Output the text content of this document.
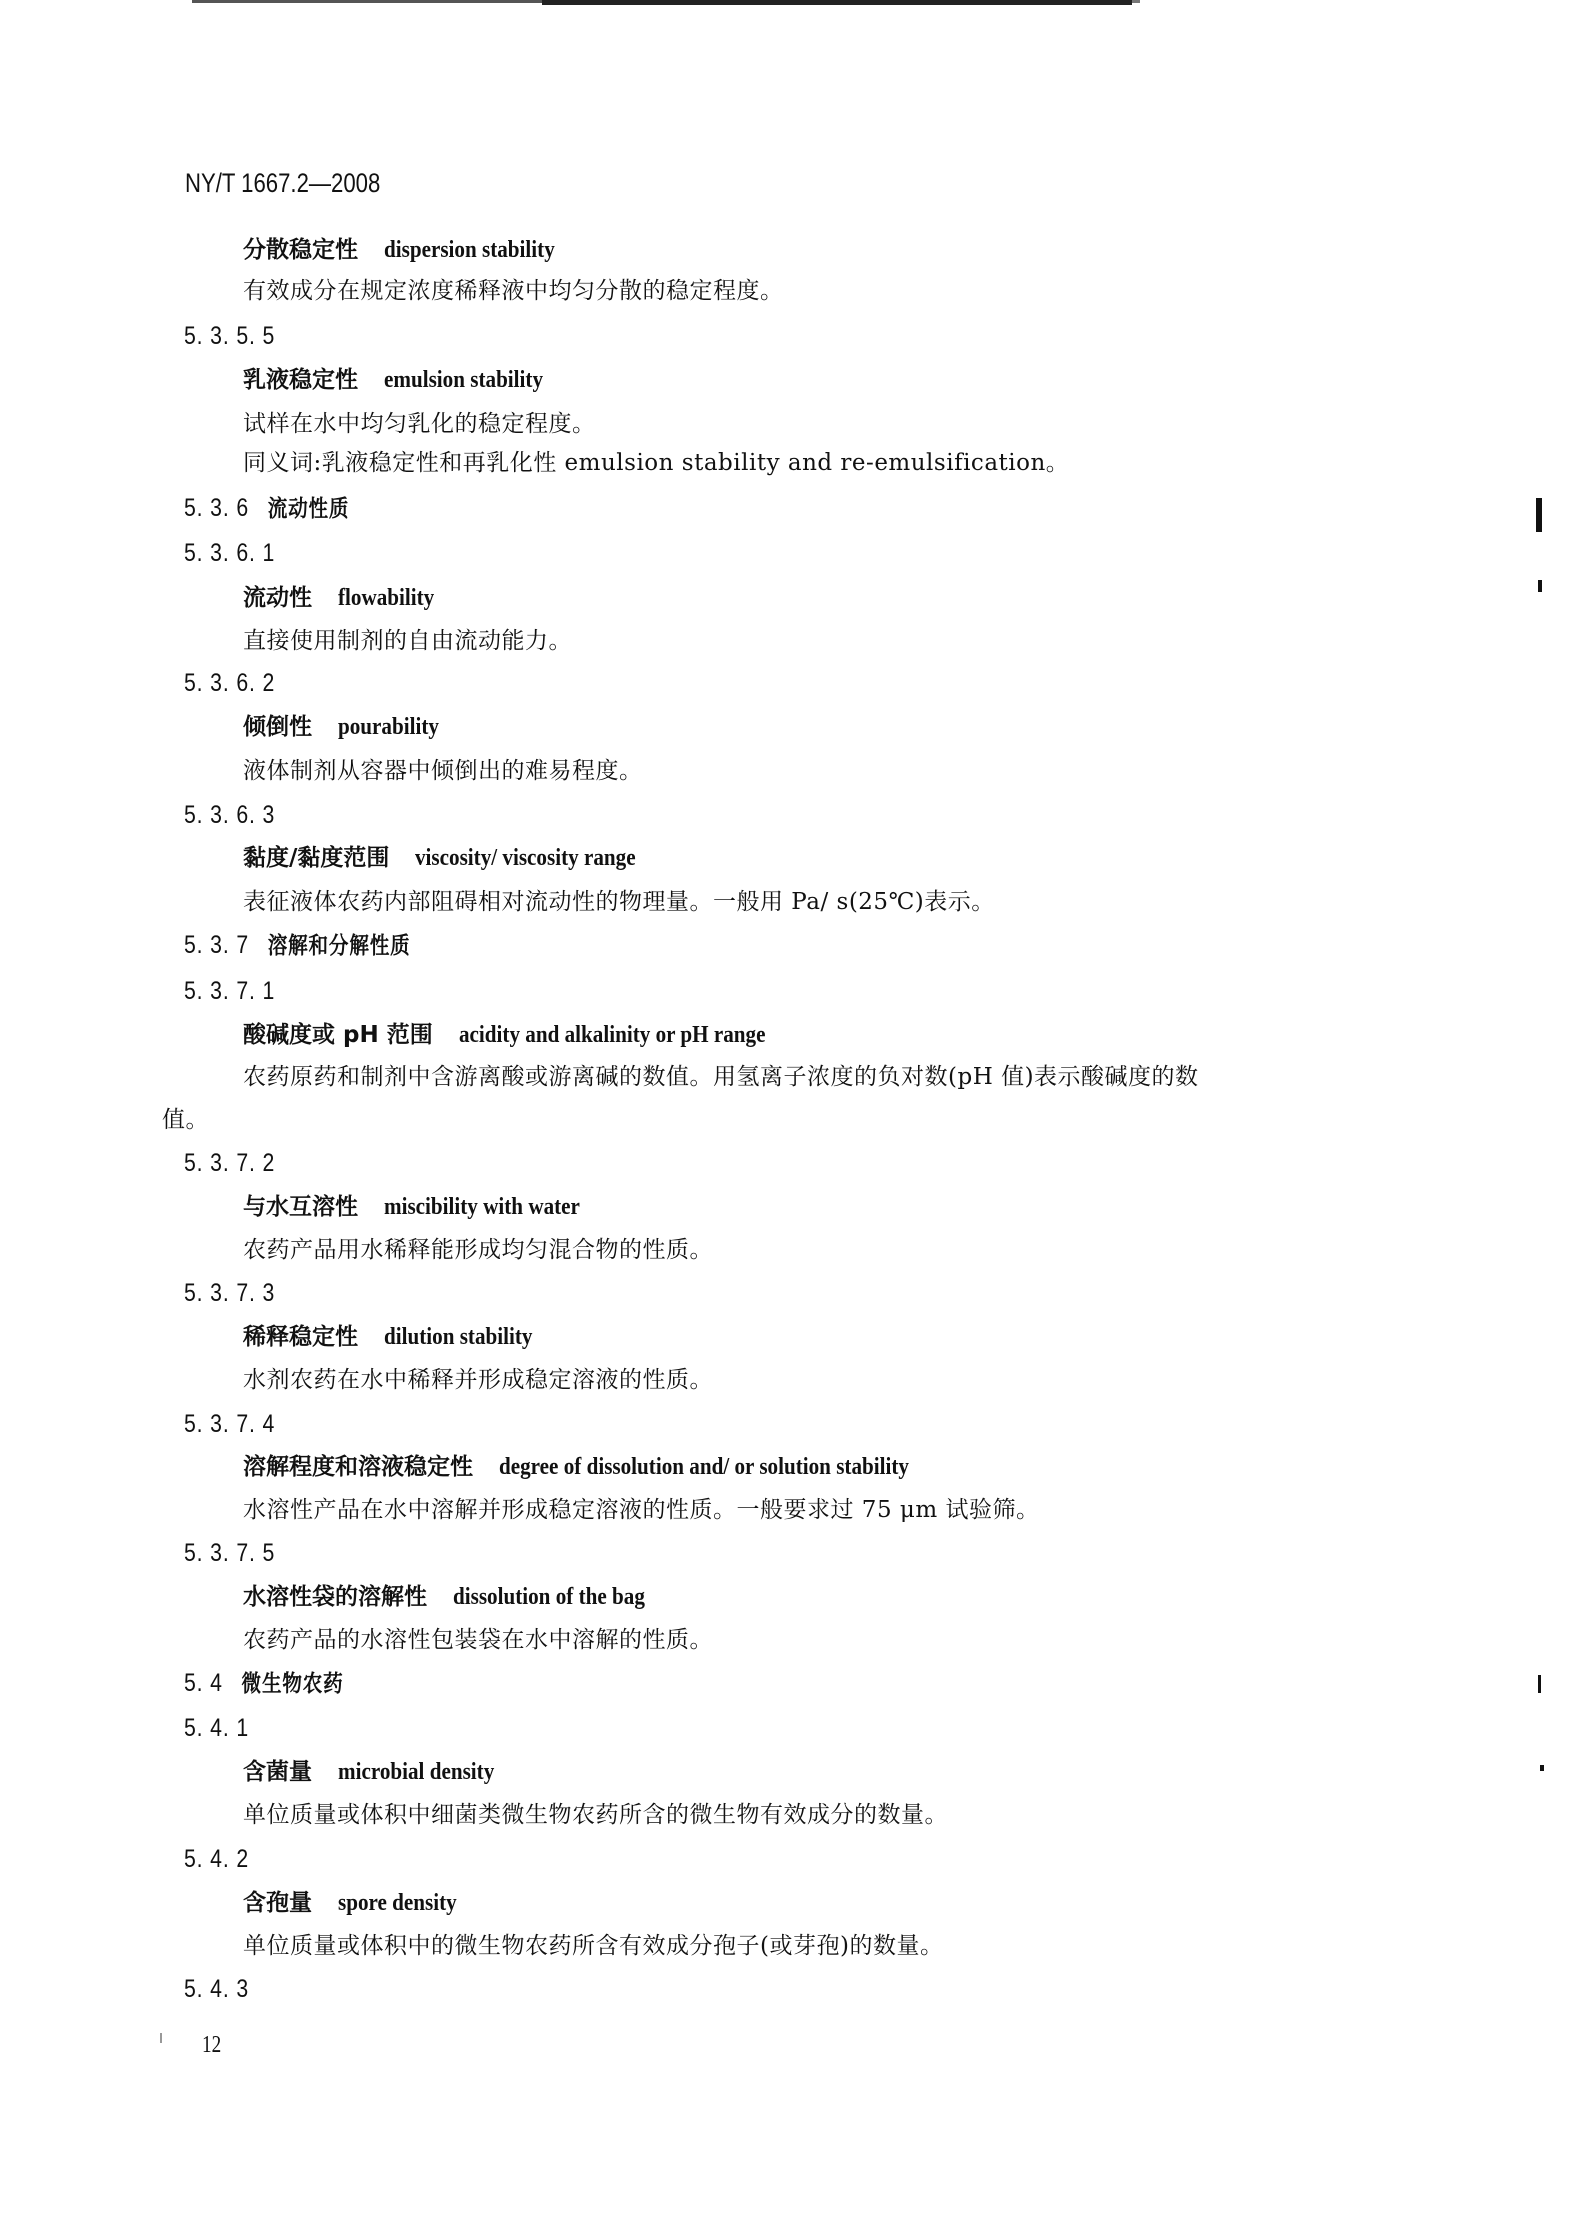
NY/T 1667.2—2008
分散稳定性 dispersion stability
有效成分在规定浓度稀释液中均匀分散的稳定程度。
5. 3. 5. 5
乳液稳定性 emulsion stability
试样在水中均匀乳化的稳定程度。
同义词:乳液稳定性和再乳化性 emulsion stability and re-emulsification。
5. 3. 6 流动性质
5. 3. 6. 1
流动性 flowability
直接使用制剂的自由流动能力。
5. 3. 6. 2
倾倒性 pourability
液体制剂从容器中倾倒出的难易程度。
5. 3. 6. 3
黏度/黏度范围 viscosity/ viscosity range
表征液体农药内部阻碍相对流动性的物理量。一般用 Pa/ s(25℃)表示。
5. 3. 7 溶解和分解性质
5. 3. 7. 1
酸碱度或 pH 范围 acidity and alkalinity or pH range
农药原药和制剂中含游离酸或游离碱的数值。用氢离子浓度的负对数(pH 值)表示酸碱度的数
值。
5. 3. 7. 2
与水互溶性 miscibility with water
农药产品用水稀释能形成均匀混合物的性质。
5. 3. 7. 3
稀释稳定性 dilution stability
水剂农药在水中稀释并形成稳定溶液的性质。
5. 3. 7. 4
溶解程度和溶液稳定性 degree of dissolution and/ or solution stability
水溶性产品在水中溶解并形成稳定溶液的性质。一般要求过 75 μm 试验筛。
5. 3. 7. 5
水溶性袋的溶解性 dissolution of the bag
农药产品的水溶性包装袋在水中溶解的性质。
5. 4 微生物农药
5. 4. 1
含菌量 microbial density
单位质量或体积中细菌类微生物农药所含的微生物有效成分的数量。
5. 4. 2
含孢量 spore density
单位质量或体积中的微生物农药所含有效成分孢子(或芽孢)的数量。
5. 4. 3
12
